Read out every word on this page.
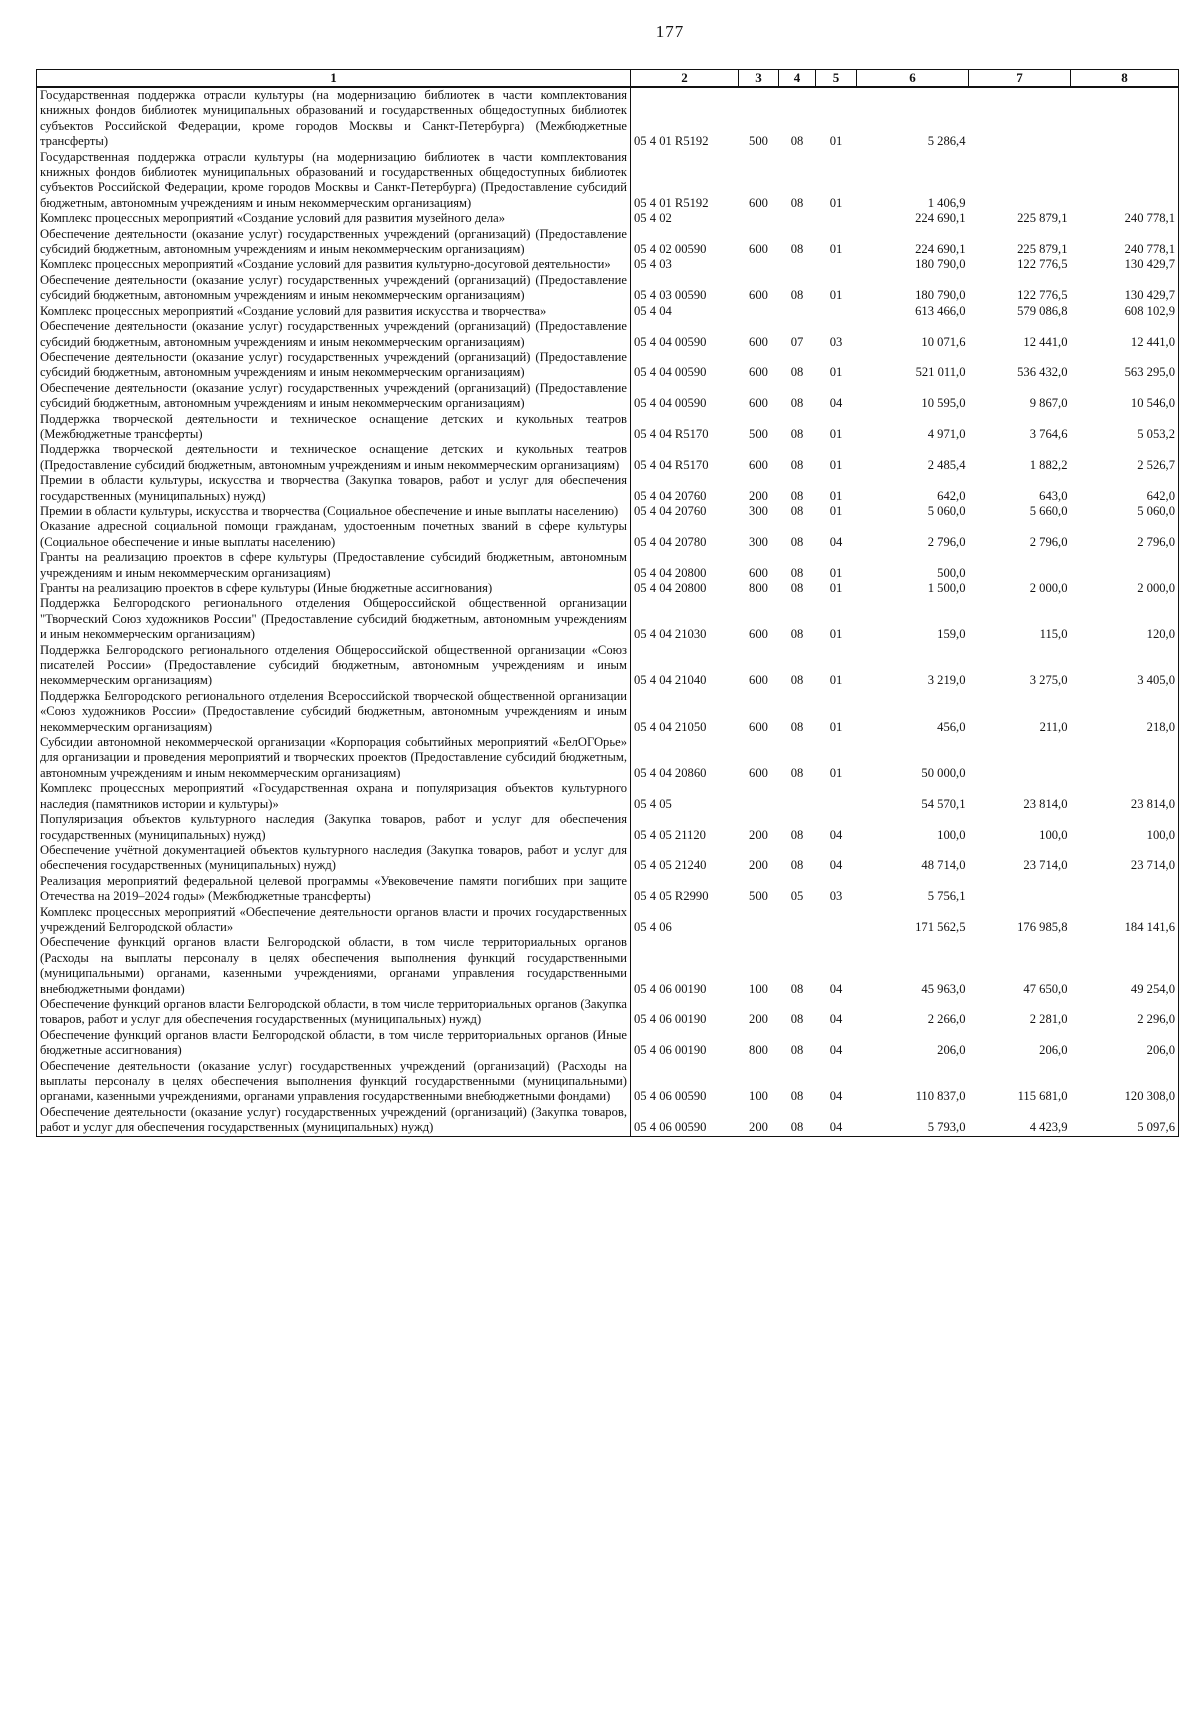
177
1	2	3	4	5	6	7	8
Государственная поддержка отрасли культуры (на модернизацию библиотек в части комплектования книжных фондов библиотек муниципальных образований и государственных общедоступных библиотек субъектов Российской Федерации, кроме городов Москвы и Санкт-Петербурга) (Межбюджетные трансферты)	05 4 01 R5192	500	08	01	5 286,4		
Государственная поддержка отрасли культуры (на модернизацию библиотек в части комплектования книжных фондов библиотек муниципальных образований и государственных общедоступных библиотек субъектов Российской Федерации, кроме городов Москвы и Санкт-Петербурга) (Предоставление субсидий бюджетным, автономным учреждениям и иным некоммерческим организациям)	05 4 01 R5192	600	08	01	1 406,9		
Комплекс процессных мероприятий «Создание условий для развития музейного дела»	05 4 02				224 690,1	225 879,1	240 778,1
Обеспечение деятельности (оказание услуг) государственных учреждений (организаций) (Предоставление субсидий бюджетным, автономным учреждениям и иным некоммерческим организациям)	05 4 02 00590	600	08	01	224 690,1	225 879,1	240 778,1
Комплекс процессных мероприятий «Создание условий для развития культурно-досуговой деятельности»	05 4 03				180 790,0	122 776,5	130 429,7
Обеспечение деятельности (оказание услуг) государственных учреждений (организаций) (Предоставление субсидий бюджетным, автономным учреждениям и иным некоммерческим организациям)	05 4 03 00590	600	08	01	180 790,0	122 776,5	130 429,7
Комплекс процессных мероприятий «Создание условий для развития искусства и творчества»	05 4 04				613 466,0	579 086,8	608 102,9
Обеспечение деятельности (оказание услуг) государственных учреждений (организаций) (Предоставление субсидий бюджетным, автономным учреждениям и иным некоммерческим организациям)	05 4 04 00590	600	07	03	10 071,6	12 441,0	12 441,0
Обеспечение деятельности (оказание услуг) государственных учреждений (организаций) (Предоставление субсидий бюджетным, автономным учреждениям и иным некоммерческим организациям)	05 4 04 00590	600	08	01	521 011,0	536 432,0	563 295,0
Обеспечение деятельности (оказание услуг) государственных учреждений (организаций) (Предоставление субсидий бюджетным, автономным учреждениям и иным некоммерческим организациям)	05 4 04 00590	600	08	04	10 595,0	9 867,0	10 546,0
Поддержка творческой деятельности и техническое оснащение детских и кукольных театров (Межбюджетные трансферты)	05 4 04 R5170	500	08	01	4 971,0	3 764,6	5 053,2
Поддержка творческой деятельности и техническое оснащение детских и кукольных театров (Предоставление субсидий бюджетным, автономным учреждениям и иным некоммерческим организациям)	05 4 04 R5170	600	08	01	2 485,4	1 882,2	2 526,7
Премии в области культуры, искусства и творчества (Закупка товаров, работ и услуг для обеспечения государственных (муниципальных) нужд)	05 4 04 20760	200	08	01	642,0	643,0	642,0
Премии в области культуры, искусства и творчества (Социальное обеспечение и иные выплаты населению)	05 4 04 20760	300	08	01	5 060,0	5 660,0	5 060,0
Оказание адресной социальной помощи гражданам, удостоенным почетных званий в сфере культуры (Социальное обеспечение и иные выплаты населению)	05 4 04 20780	300	08	04	2 796,0	2 796,0	2 796,0
Гранты на реализацию проектов в сфере культуры (Предоставление субсидий бюджетным, автономным учреждениям и иным некоммерческим организациям)	05 4 04 20800	600	08	01	500,0		
Гранты на реализацию проектов в сфере культуры (Иные бюджетные ассигнования)	05 4 04 20800	800	08	01	1 500,0	2 000,0	2 000,0
Поддержка Белгородского регионального отделения Общероссийской общественной организации "Творческий Союз художников России" (Предоставление субсидий бюджетным, автономным учреждениям и иным некоммерческим организациям)	05 4 04 21030	600	08	01	159,0	115,0	120,0
Поддержка Белгородского регионального отделения Общероссийской общественной организации «Союз писателей России» (Предоставление субсидий бюджетным, автономным учреждениям и иным некоммерческим организациям)	05 4 04 21040	600	08	01	3 219,0	3 275,0	3 405,0
Поддержка Белгородского регионального отделения Всероссийской творческой общественной организации «Союз художников России» (Предоставление субсидий бюджетным, автономным учреждениям и иным некоммерческим организациям)	05 4 04 21050	600	08	01	456,0	211,0	218,0
Субсидии автономной некоммерческой организации «Корпорация событийных мероприятий «БелОГОрье» для организации и проведения мероприятий и творческих проектов (Предоставление субсидий бюджетным, автономным учреждениям и иным некоммерческим организациям)	05 4 04 20860	600	08	01	50 000,0		
Комплекс процессных мероприятий «Государственная охрана и популяризация объектов культурного наследия (памятников истории и культуры)»	05 4 05				54 570,1	23 814,0	23 814,0
Популяризация объектов культурного наследия (Закупка товаров, работ и услуг для обеспечения государственных (муниципальных) нужд)	05 4 05 21120	200	08	04	100,0	100,0	100,0
Обеспечение учётной документацией объектов культурного наследия (Закупка товаров, работ и услуг для обеспечения государственных (муниципальных) нужд)	05 4 05 21240	200	08	04	48 714,0	23 714,0	23 714,0
Реализация мероприятий федеральной целевой программы «Увековечение памяти погибших при защите Отечества на 2019–2024 годы» (Межбюджетные трансферты)	05 4 05 R2990	500	05	03	5 756,1		
Комплекс процессных мероприятий «Обеспечение деятельности органов власти и прочих государственных учреждений Белгородской области»	05 4 06				171 562,5	176 985,8	184 141,6
Обеспечение функций органов власти Белгородской области, в том числе территориальных органов (Расходы на выплаты персоналу в целях обеспечения выполнения функций государственными (муниципальными) органами, казенными учреждениями, органами управления государственными внебюджетными фондами)	05 4 06 00190	100	08	04	45 963,0	47 650,0	49 254,0
Обеспечение функций органов власти Белгородской области, в том числе территориальных органов (Закупка товаров, работ и услуг для обеспечения государственных (муниципальных) нужд)	05 4 06 00190	200	08	04	2 266,0	2 281,0	2 296,0
Обеспечение функций органов власти Белгородской области, в том числе территориальных органов (Иные бюджетные ассигнования)	05 4 06 00190	800	08	04	206,0	206,0	206,0
Обеспечение деятельности (оказание услуг) государственных учреждений (организаций) (Расходы на выплаты персоналу в целях обеспечения выполнения функций государственными (муниципальными) органами, казенными учреждениями, органами управления государственными внебюджетными фондами)	05 4 06 00590	100	08	04	110 837,0	115 681,0	120 308,0
Обеспечение деятельности (оказание услуг) государственных учреждений (организаций) (Закупка товаров, работ и услуг для обеспечения государственных (муниципальных) нужд)	05 4 06 00590	200	08	04	5 793,0	4 423,9	5 097,6
